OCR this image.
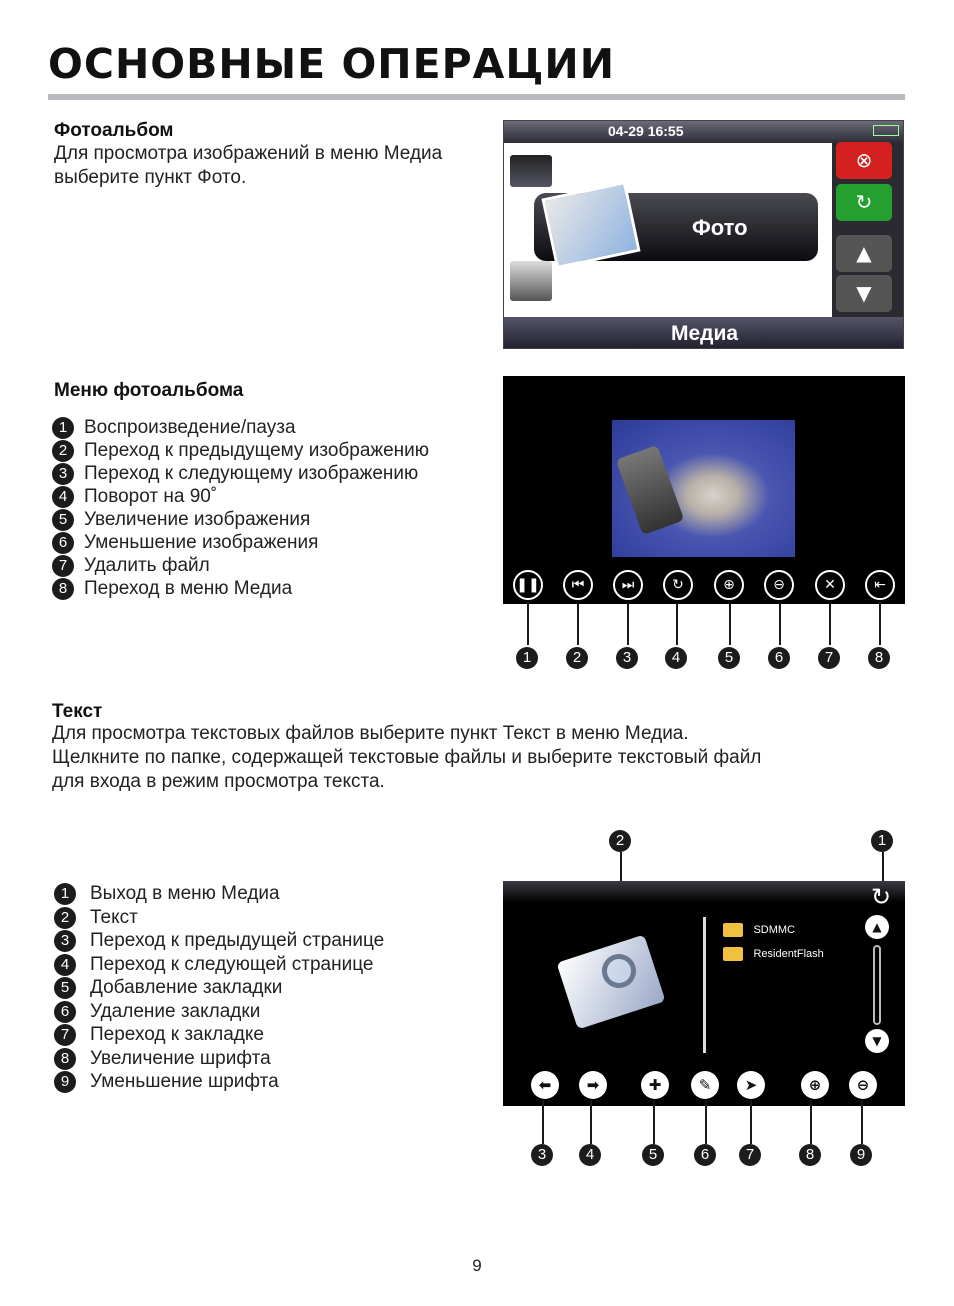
ОСНОВНЫЕ ОПЕРАЦИИ
Фотоальбом
Для просмотра изображений в меню Медиа выберите пункт Фото.
04-29 16:55
Фото
Медиа
⊗
↻
▲
▼
Меню фотоальбома
1 Воспроизведение/пауза
2 Переход к предыдущему изображению
3 Переход к следующему изображению
4 Поворот на 90˚
5 Увеличение изображения
6 Уменьшение изображения
7 Удалить файл
8 Переход в меню Медиа	❚❚	⏮	⏭	↻	⊕	⊖	✕	⇤
1	2	3	4	5	6	7	8
Текст
Для просмотра текстовых файлов выберите пункт Текст в меню Медиа.
Щелкните по папке, содержащей текстовые файлы и выберите текстовый файл
для входа в режим просмотра текста.
1	Выход в меню Медиа
2	Текст
3	Переход к предыдущей странице
4	Переход к следующей странице
5	Добавление закладки
6	Удаление закладки
7	Переход к закладке
8	Увеличение шрифта
9	Уменьшение шрифта
2	1
↻
SDMMC
ResidentFlash
▲
▼
⬅	➡	✚	✎	➤	⊕	⊖
3	4	5	6	7	8	9
9
